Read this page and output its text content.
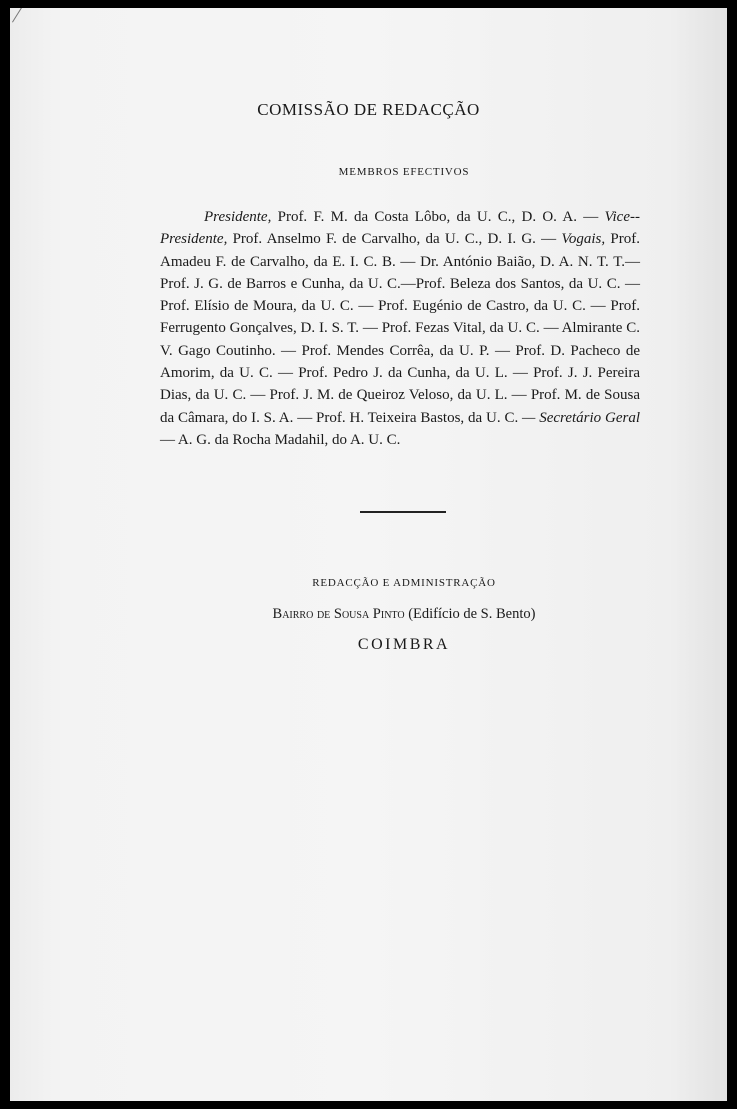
COMISSÃO DE REDACÇÃO
MEMBROS EFECTIVOS
Presidente, Prof. F. M. da Costa Lôbo, da U. C., D. O. A. — Vice--Presidente, Prof. Anselmo F. de Carvalho, da U. C., D. I. G. — Vogais, Prof. Amadeu F. de Carvalho, da E. I. C. B. — Dr. António Baião, D. A. N. T. T.—Prof. J. G. de Barros e Cunha, da U. C.—Prof. Beleza dos Santos, da U. C. — Prof. Elísio de Moura, da U. C. — Prof. Eugénio de Castro, da U. C. — Prof. Ferrugento Gonçalves, D. I. S. T. — Prof. Fezas Vital, da U. C. — Almirante C. V. Gago Coutinho. — Prof. Mendes Corrêa, da U. P. — Prof. D. Pacheco de Amorim, da U. C. — Prof. Pedro J. da Cunha, da U. L. — Prof. J. J. Pereira Dias, da U. C. — Prof. J. M. de Queiroz Veloso, da U. L. — Prof. M. de Sousa da Câmara, do I. S. A. — Prof. H. Teixeira Bastos, da U. C. — Secretário Geral — A. G. da Rocha Madahil, do A. U. C.
REDACÇÃO E ADMINISTRAÇÃO
Bairro de Sousa Pinto (Edifício de S. Bento)
COIMBRA
